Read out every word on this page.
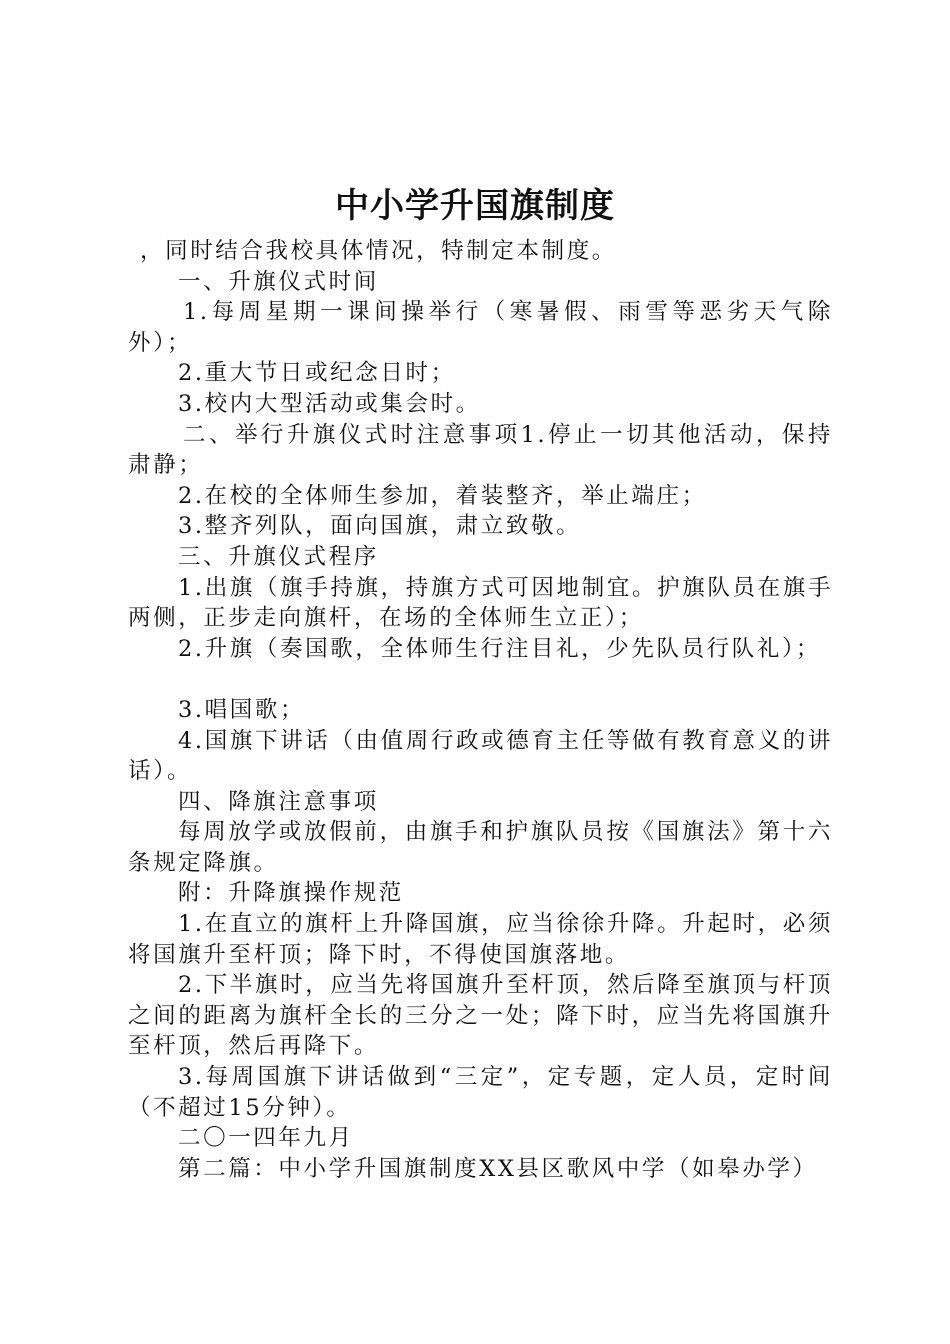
中小学升国旗制度

，同时结合我校具体情况，特制定本制度。

一、升旗仪式时间

1.每周星期一课间操举行（寒暑假、雨雪等恶劣天气除外）；

2.重大节日或纪念日时；

3.校内大型活动或集会时。

二、举行升旗仪式时注意事项1.停止一切其他活动，保持肃静；

2.在校的全体师生参加，着装整齐，举止端庄；

3.整齐列队，面向国旗，肃立致敬。

三、升旗仪式程序

1.出旗（旗手持旗，持旗方式可因地制宜。护旗队员在旗手两侧，正步走向旗杆，在场的全体师生立正）；

2.升旗（奏国歌，全体师生行注目礼，少先队员行队礼）；

3.唱国歌；

4.国旗下讲话（由值周行政或德育主任等做有教育意义的讲话）。

四、降旗注意事项

每周放学或放假前，由旗手和护旗队员按《国旗法》第十六条规定降旗。

附：升降旗操作规范

1.在直立的旗杆上升降国旗，应当徐徐升降。升起时，必须将国旗升至杆顶；降下时，不得使国旗落地。

2.下半旗时，应当先将国旗升至杆顶，然后降至旗顶与杆顶之间的距离为旗杆全长的三分之一处；降下时，应当先将国旗升至杆顶，然后再降下。

3.每周国旗下讲话做到“三定”，定专题，定人员，定时间（不超过15分钟）。

二〇一四年九月

第二篇：中小学升国旗制度XX县区歌风中学（如皋办学）
